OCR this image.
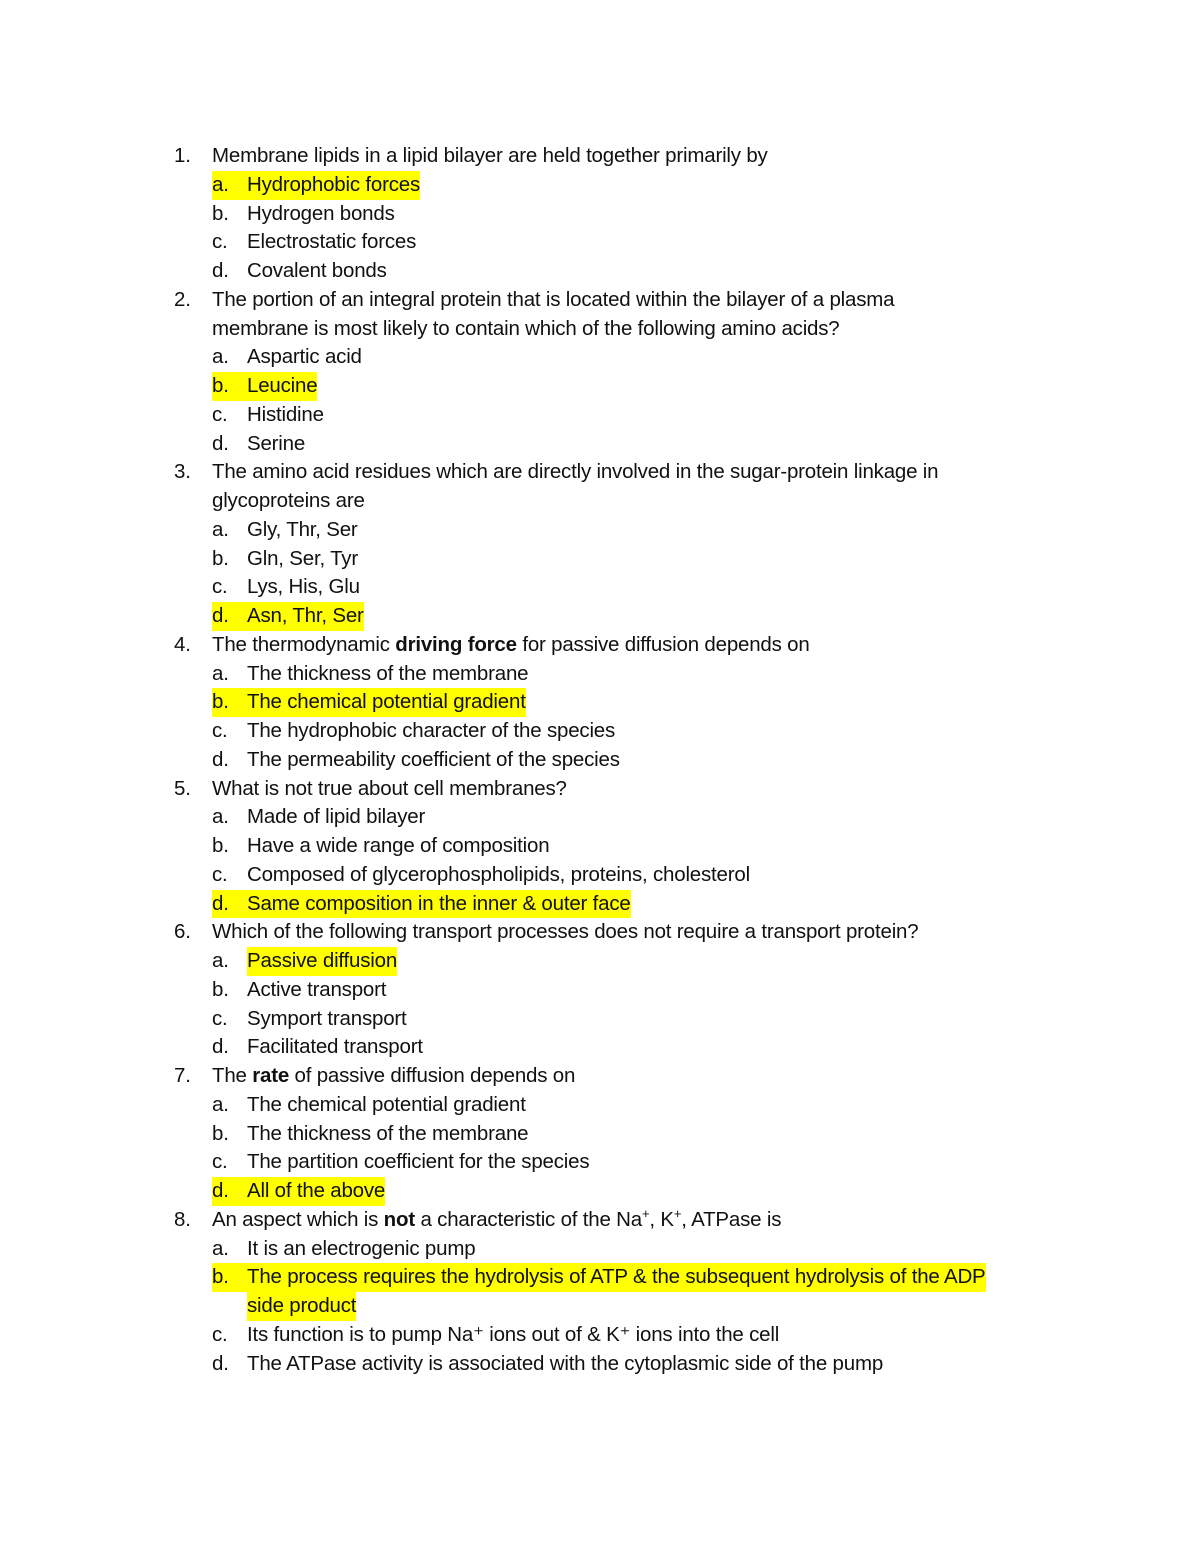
1. Membrane lipids in a lipid bilayer are held together primarily by
a. Hydrophobic forces
b. Hydrogen bonds
c. Electrostatic forces
d. Covalent bonds
2. The portion of an integral protein that is located within the bilayer of a plasma
membrane is most likely to contain which of the following amino acids?
a. Aspartic acid
b. Leucine
c. Histidine
d. Serine
3. The amino acid residues which are directly involved in the sugar-protein linkage in
glycoproteins are
a. Gly, Thr, Ser
b. Gln, Ser, Tyr
c. Lys, His, Glu
d. Asn, Thr, Ser
4. The thermodynamic driving force for passive diffusion depends on
a. The thickness of the membrane
b. The chemical potential gradient
c. The hydrophobic character of the species
d. The permeability coefficient of the species
5. What is not true about cell membranes?
a. Made of lipid bilayer
b. Have a wide range of composition
c. Composed of glycerophospholipids, proteins, cholesterol
d. Same composition in the inner & outer face
6. Which of the following transport processes does not require a transport protein?
a. Passive diffusion
b. Active transport
c. Symport transport
d. Facilitated transport
7. The rate of passive diffusion depends on
a. The chemical potential gradient
b. The thickness of the membrane
c. The partition coefficient for the species
d. All of the above
8. An aspect which is not a characteristic of the Na+, K+, ATPase is
a. It is an electrogenic pump
b. The process requires the hydrolysis of ATP & the subsequent hydrolysis of the ADP
side product
c. Its function is to pump Na⁺ ions out of & K⁺ ions into the cell
d. The ATPase activity is associated with the cytoplasmic side of the pump
